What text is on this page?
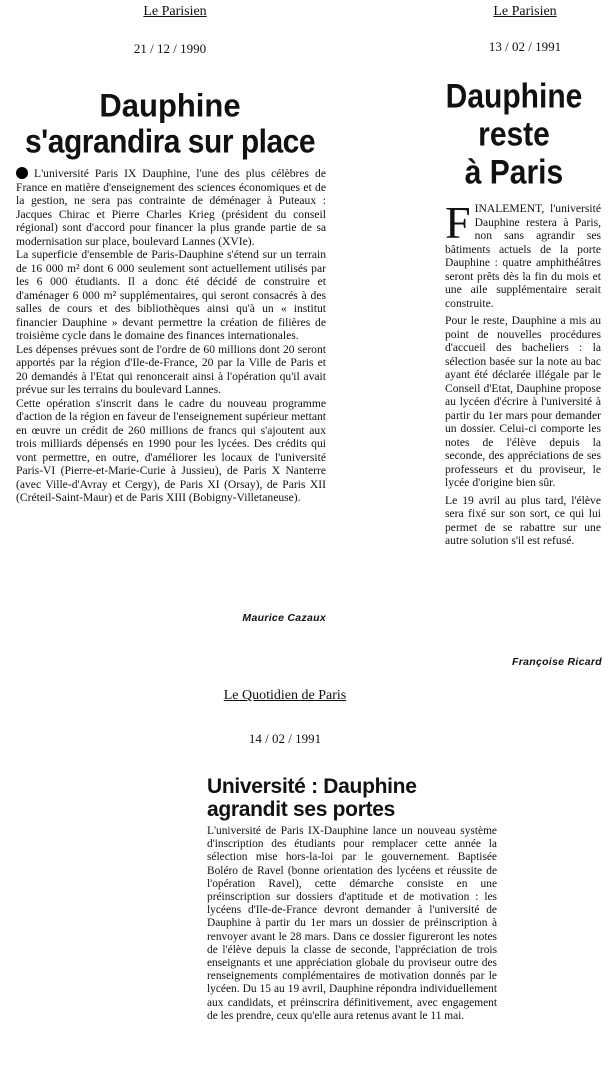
Le Parisien
21 / 12 / 1990
Dauphine
s'agrandira sur place

L'université Paris IX Dauphine, l'une des plus célèbres de France en matière d'enseignement des sciences économiques et de la gestion, ne sera pas contrainte de déménager à Puteaux : Jacques Chirac et Pierre Charles Krieg (président du conseil régional) sont d'accord pour financer la plus grande partie de sa modernisation sur place, boulevard Lannes (XVIe).

La superficie d'ensemble de Paris-Dauphine s'étend sur un terrain de 16 000 m² dont 6 000 seulement sont actuellement utilisés par les 6 000 étudiants. Il a donc été décidé de construire et d'aménager 6 000 m² supplémentaires, qui seront consacrés à des salles de cours et des bibliothèques ainsi qu'à un « institut financier Dauphine » devant permettre la création de filières de troisième cycle dans le domaine des finances internationales.

Les dépenses prévues sont de l'ordre de 60 millions dont 20 seront apportés par la région d'Ile-de-France, 20 par la Ville de Paris et 20 demandés à l'Etat qui renoncerait ainsi à l'opération qu'il avait prévue sur les terrains du boulevard Lannes.

Cette opération s'inscrit dans le cadre du nouveau programme d'action de la région en faveur de l'enseignement supérieur mettant en œuvre un crédit de 260 millions de francs qui s'ajoutent aux trois milliards dépensés en 1990 pour les lycées. Des crédits qui vont permettre, en outre, d'améliorer les locaux de l'université Paris-VI (Pierre-et-Marie-Curie à Jussieu), de Paris X Nanterre (avec Ville-d'Avray et Cergy), de Paris XI (Orsay), de Paris XII (Créteil-Saint-Maur) et de Paris XIII (Bobigny-Villetaneuse).

Maurice Cazaux
Le Parisien
13 / 02 / 1991
Dauphine
reste
à Paris

FINALEMENT, l'université Dauphine restera à Paris, non sans agrandir ses bâtiments actuels de la porte Dauphine : quatre amphithéâtres seront prêts dès la fin du mois et une aile supplémentaire serait construite.

Pour le reste, Dauphine a mis au point de nouvelles procédures d'accueil des bacheliers : la sélection basée sur la note au bac ayant été déclarée illégale par le Conseil d'Etat, Dauphine propose au lycéen d'écrire à l'université à partir du 1er mars pour demander un dossier. Celui-ci comporte les notes de l'élève depuis la seconde, des appréciations de ses professeurs et du proviseur, le lycée d'origine bien sûr.

Le 19 avril au plus tard, l'élève sera fixé sur son sort, ce qui lui permet de se rabattre sur une autre solution s'il est refusé.

Françoise Ricard
Le Quotidien de Paris
14 / 02 / 1991
Université : Dauphine
agrandit ses portes
L'université de Paris IX-Dauphine lance un nouveau système d'inscription des étudiants pour remplacer cette année la sélection mise hors-la-loi par le gouvernement. Baptisée Boléro de Ravel (bonne orientation des lycéens et réussite de l'opération Ravel), cette démarche consiste en une préinscription sur dossiers d'aptitude et de motivation : les lycéens d'Ile-de-France devront demander à l'université de Dauphine à partir du 1er mars un dossier de préinscription à renvoyer avant le 28 mars. Dans ce dossier figureront les notes de l'élève depuis la classe de seconde, l'appréciation de trois enseignants et une appréciation globale du proviseur outre des renseignements complémentaires de motivation donnés par le lycéen. Du 15 au 19 avril, Dauphine répondra individuellement aux candidats, et préinscrira définitivement, avec engagement de les prendre, ceux qu'elle aura retenus avant le 11 mai.
